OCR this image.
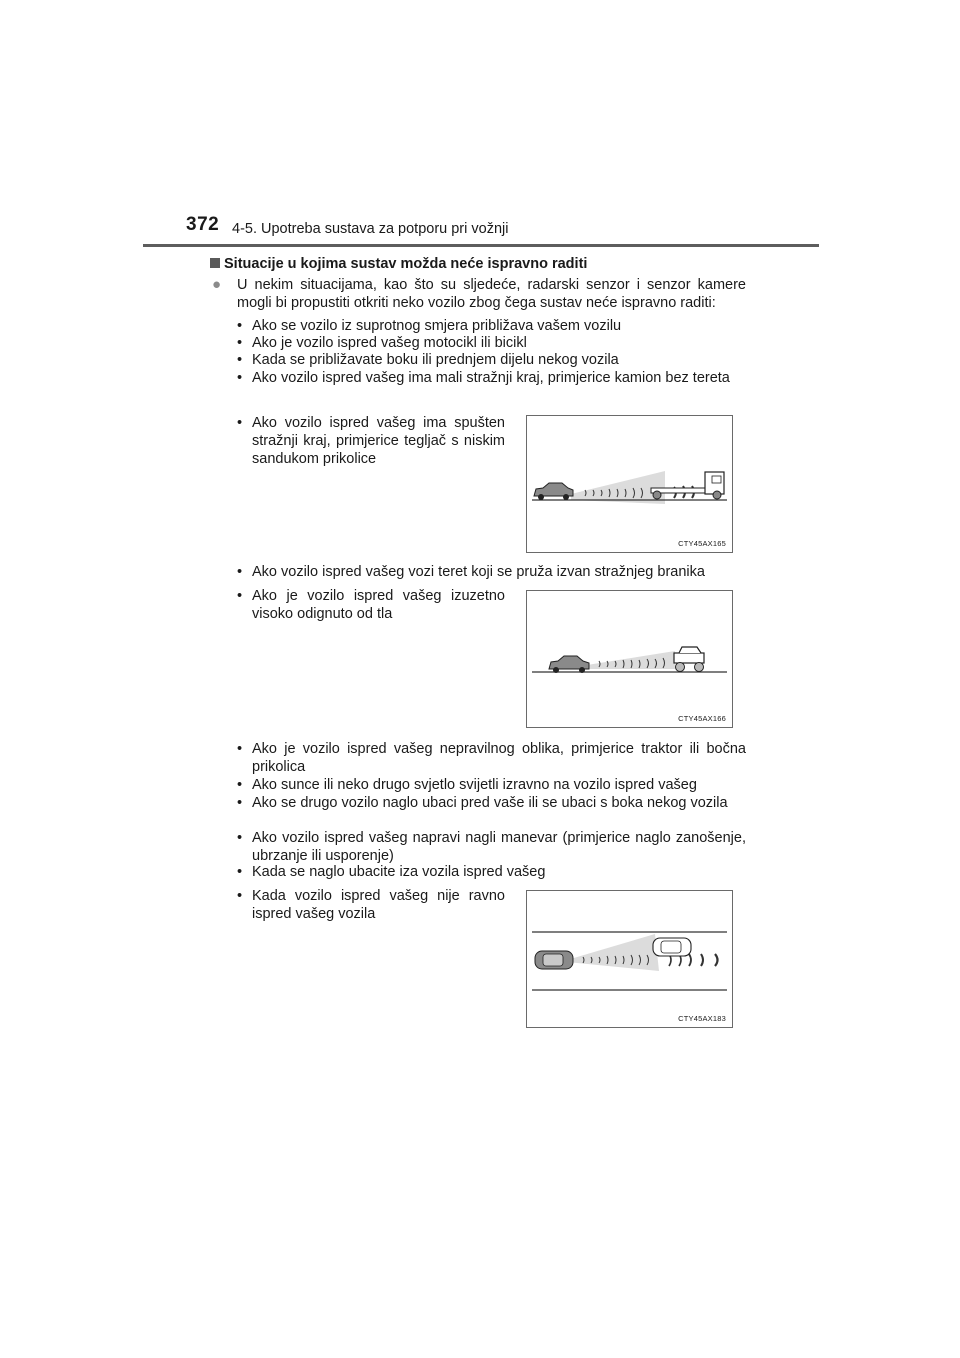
372 4-5. Upotreba sustava za potporu pri vožnji
Situacije u kojima sustav možda neće ispravno raditi
● U nekim situacijama, kao što su sljedeće, radarski senzor i senzor kamere mogli bi propustiti otkriti neko vozilo zbog čega sustav neće ispravno raditi:
• Ako se vozilo iz suprotnog smjera približava vašem vozilu
• Ako je vozilo ispred vašeg motocikl ili bicikl
• Kada se približavate boku ili prednjem dijelu nekog vozila
• Ako vozilo ispred vašeg ima mali stražnji kraj, primjerice kamion bez tereta
• Ako vozilo ispred vašeg ima spušten stražnji kraj, primjerice tegljač s niskim sandukom prikolice
CTY45AX165
• Ako vozilo ispred vašeg vozi teret koji se pruža izvan stražnjeg branika
• Ako je vozilo ispred vašeg izuzetno visoko odignuto od tla
CTY45AX166
• Ako je vozilo ispred vašeg nepravilnog oblika, primjerice traktor ili bočna prikolica
• Ako sunce ili neko drugo svjetlo svijetli izravno na vozilo ispred vašeg
• Ako se drugo vozilo naglo ubaci pred vaše ili se ubaci s boka nekog vozila
• Ako vozilo ispred vašeg napravi nagli manevar (primjerice naglo zanošenje, ubrzanje ili usporenje)
• Kada se naglo ubacite iza vozila ispred vašeg
• Kada vozilo ispred vašeg nije ravno ispred vašeg vozila
CTY45AX183
